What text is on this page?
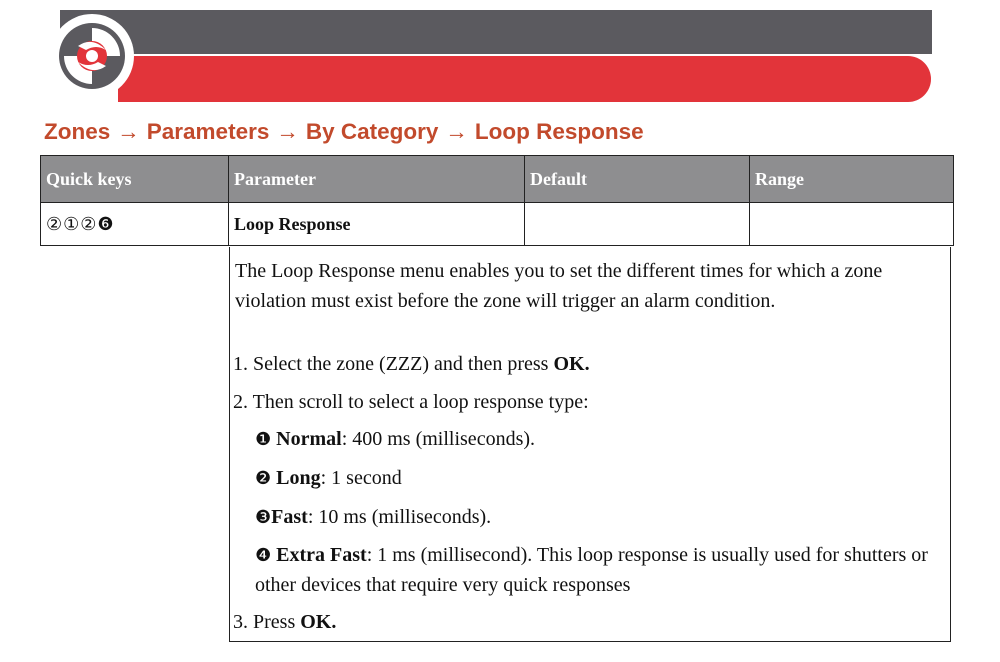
Zones → Parameters → By Category → Loop Response
Quick keys	Parameter	Default	Range
②①②❻	Loop Response		

The Loop Response menu enables you to set the different times for which a zone violation must exist before the zone will trigger an alarm condition.

1. Select the zone (ZZZ) and then press OK.

2. Then scroll to select a loop response type:

❶ Normal: 400 ms (milliseconds).

❷ Long: 1 second

❸Fast: 10 ms (milliseconds).

❹ Extra Fast: 1 ms (millisecond). This loop response is usually used for shutters or other devices that require very quick responses

3. Press OK.
